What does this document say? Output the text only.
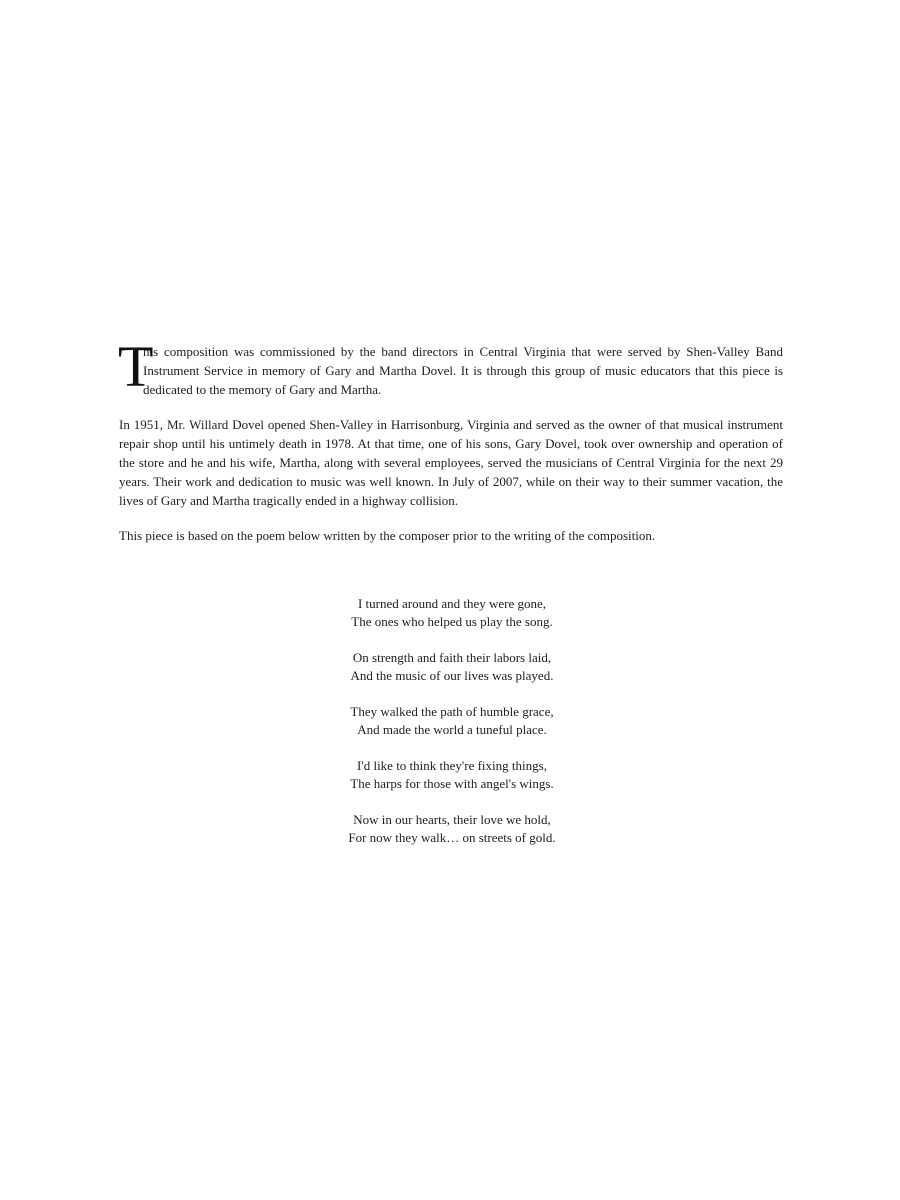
T
his composition was commissioned by the band directors in Central Virginia that were served by Shen-Valley Band Instrument Service in memory of Gary and Martha Dovel. It is through this group of music educators that this piece is dedicated to the memory of Gary and Martha.

In 1951, Mr. Willard Dovel opened Shen-Valley in Harrisonburg, Virginia and served as the owner of that musical instrument repair shop until his untimely death in 1978. At that time, one of his sons, Gary Dovel, took over ownership and operation of the store and he and his wife, Martha, along with several employees, served the musicians of Central Virginia for the next 29 years. Their work and dedication to music was well known. In July of 2007, while on their way to their summer vacation, the lives of Gary and Martha tragically ended in a highway collision.

This piece is based on the poem below written by the composer prior to the writing of the composition.

I turned around and they were gone,
The ones who helped us play the song.

On strength and faith their labors laid,
And the music of our lives was played.

They walked the path of humble grace,
And made the world a tuneful place.

I'd like to think they're fixing things,
The harps for those with angel's wings.

Now in our hearts, their love we hold,
For now they walk… on streets of gold.
